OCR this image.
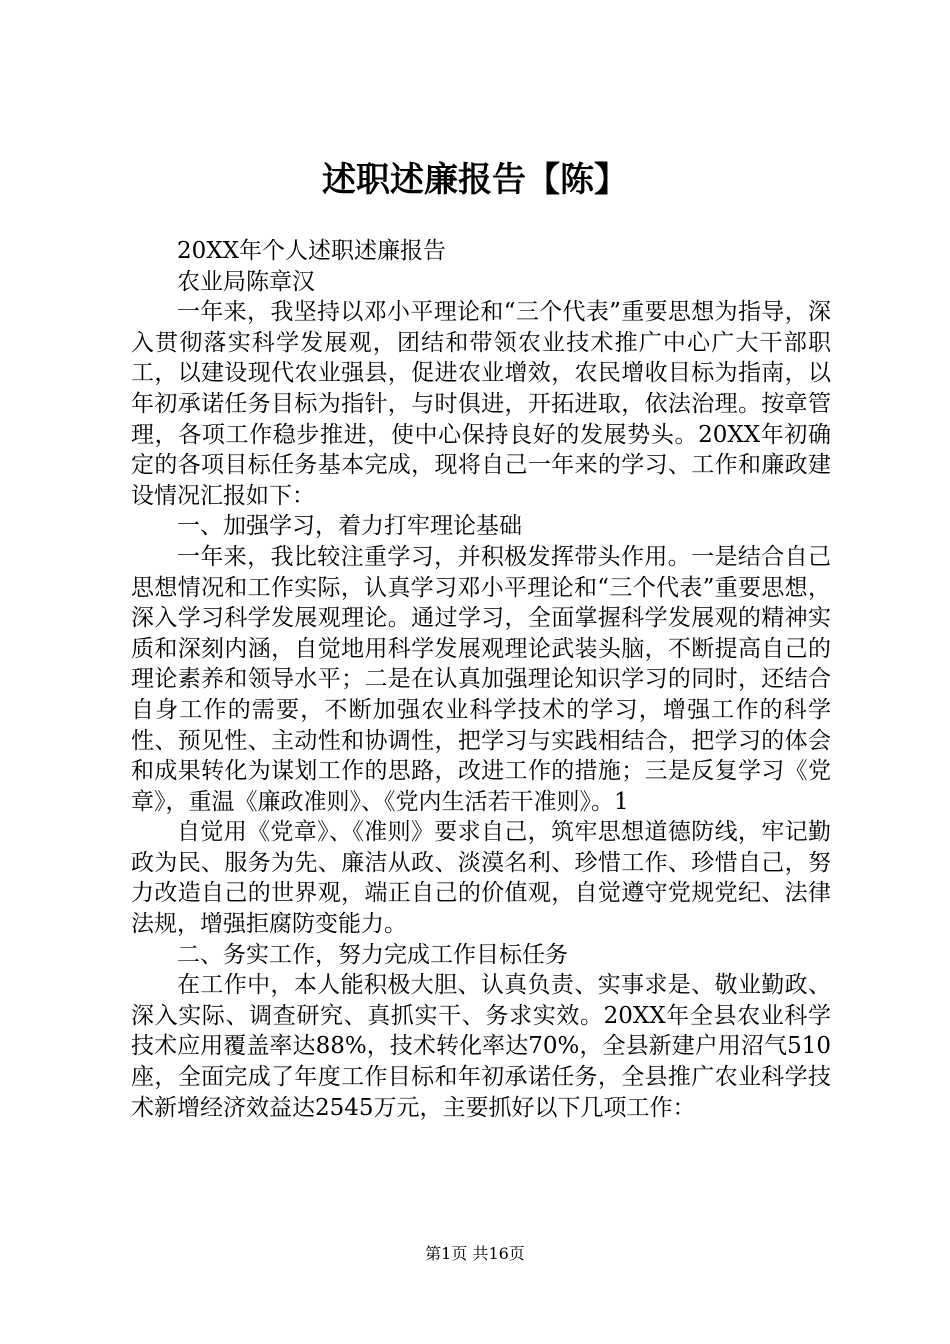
述职述廉报告【陈】

20XX年个人述职述廉报告

农业局陈章汉

一年来，我坚持以邓小平理论和“三个代表”重要思想为指导，深入贯彻落实科学发展观，团结和带领农业技术推广中心广大干部职工，以建设现代农业强县，促进农业增效，农民增收目标为指南，以年初承诺任务目标为指针，与时俱进，开拓进取，依法治理。按章管理，各项工作稳步推进，使中心保持良好的发展势头。20XX年初确定的各项目标任务基本完成，现将自己一年来的学习、工作和廉政建设情况汇报如下：

一、加强学习，着力打牢理论基础

一年来，我比较注重学习，并积极发挥带头作用。一是结合自己思想情况和工作实际，认真学习邓小平理论和“三个代表”重要思想，深入学习科学发展观理论。通过学习，全面掌握科学发展观的精神实质和深刻内涵，自觉地用科学发展观理论武装头脑，不断提高自己的理论素养和领导水平；二是在认真加强理论知识学习的同时，还结合自身工作的需要，不断加强农业科学技术的学习，增强工作的科学性、预见性、主动性和协调性，把学习与实践相结合，把学习的体会和成果转化为谋划工作的思路，改进工作的措施；三是反复学习《党章》，重温《廉政准则》、《党内生活若干准则》。1

自觉用《党章》、《准则》要求自己，筑牢思想道德防线，牢记勤政为民、服务为先、廉洁从政、淡漠名利、珍惜工作、珍惜自己，努力改造自己的世界观，端正自己的价值观，自觉遵守党规党纪、法律法规，增强拒腐防变能力。

二、务实工作，努力完成工作目标任务

在工作中，本人能积极大胆、认真负责、实事求是、敬业勤政、深入实际、调查研究、真抓实干、务求实效。20XX年全县农业科学技术应用覆盖率达88%，技术转化率达70%，全县新建户用沼气510座，全面完成了年度工作目标和年初承诺任务，全县推广农业科学技术新增经济效益达2545万元，主要抓好以下几项工作：

第1页 共16页
